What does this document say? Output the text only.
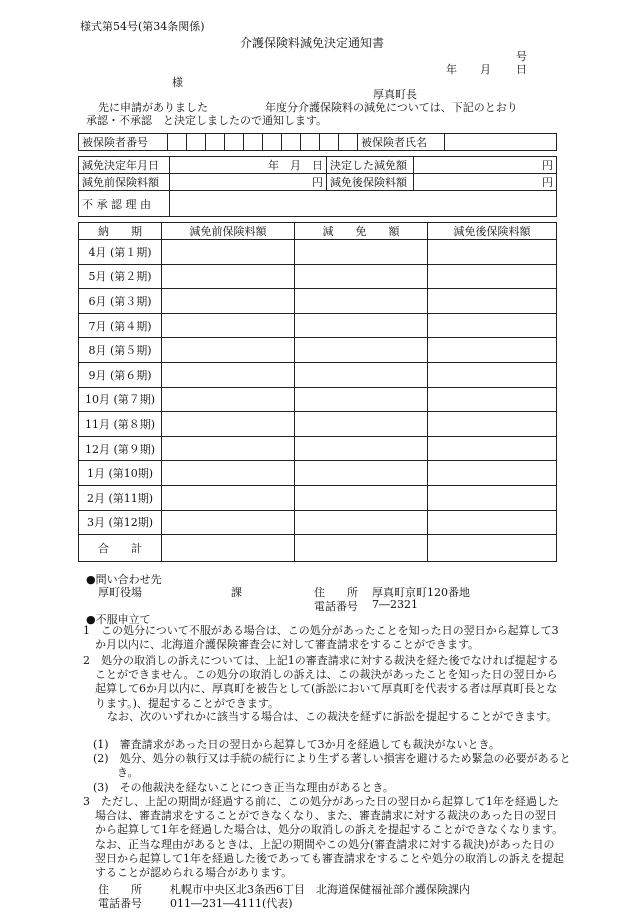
様式第54号(第34条関係)
介護保険料減免決定通知書
号
年 月 日
様
厚真町長
先に申請がありました	年度分介護保険料の減免については、下記のとおり
承認・不承認　と決定しましたので通知します。
被保険者番号											被保険者氏名	
減免決定年月日	年　月　日	決定した減免額	円
減免前保険料額	円	減免後保険料額	円
不 承 認 理 由			
納　　期	減免前保険料額	減　　免　　額	減免後保険料額
4月 (第１期)			
5月 (第２期)			
6月 (第３期)			
7月 (第４期)			
8月 (第５期)			
9月 (第６期)			
10月 (第７期)			
11月 (第８期)			
12月 (第９期)			
1月 (第10期)			
2月 (第11期)			
3月 (第12期)			
合　　計			
●問い合わせ先
厚町役場	課	住　　所 厚真町京町120番地
電話番号 7―2321
●不服申立て
1　この処分について不服がある場合は、この処分があったことを知った日の翌日から起算して3か月以内に、北海道介護保険審査会に対して審査請求をすることができます。
2　処分の取消しの訴えについては、上記1の審査請求に対する裁決を経た後でなければ提起することができません。この処分の取消しの訴えは、この裁決があったことを知った日の翌日から起算して6か月以内に、厚真町を被告として(訴訟において厚真町を代表する者は厚真町長となります。)、提起することができます。
なお、次のいずれかに該当する場合は、この裁決を経ずに訴訟を提起することができます。
(1)　審査請求があった日の翌日から起算して3か月を経過しても裁決がないとき。
(2)　処分、処分の執行又は手続の続行により生ずる著しい損害を避けるため緊急の必要があるとき。
(3)　その他裁決を経ないことにつき正当な理由があるとき。
3　ただし、上記の期間が経過する前に、この処分があった日の翌日から起算して1年を経過した場合は、審査請求をすることができなくなり、また、審査請求に対する裁決のあった日の翌日から起算して1年を経過した場合は、処分の取消しの訴えを提起することができなくなります。なお、正当な理由があるときは、上記の期間やこの処分(審査請求に対する裁決)があった日の翌日から起算して1年を経過した後であっても審査請求をすることや処分の取消しの訴えを提起することが認められる場合があります。
住　　所	札幌市中央区北3条西6丁目　北海道保健福祉部介護保険課内
電話番号	011―231―4111(代表)
